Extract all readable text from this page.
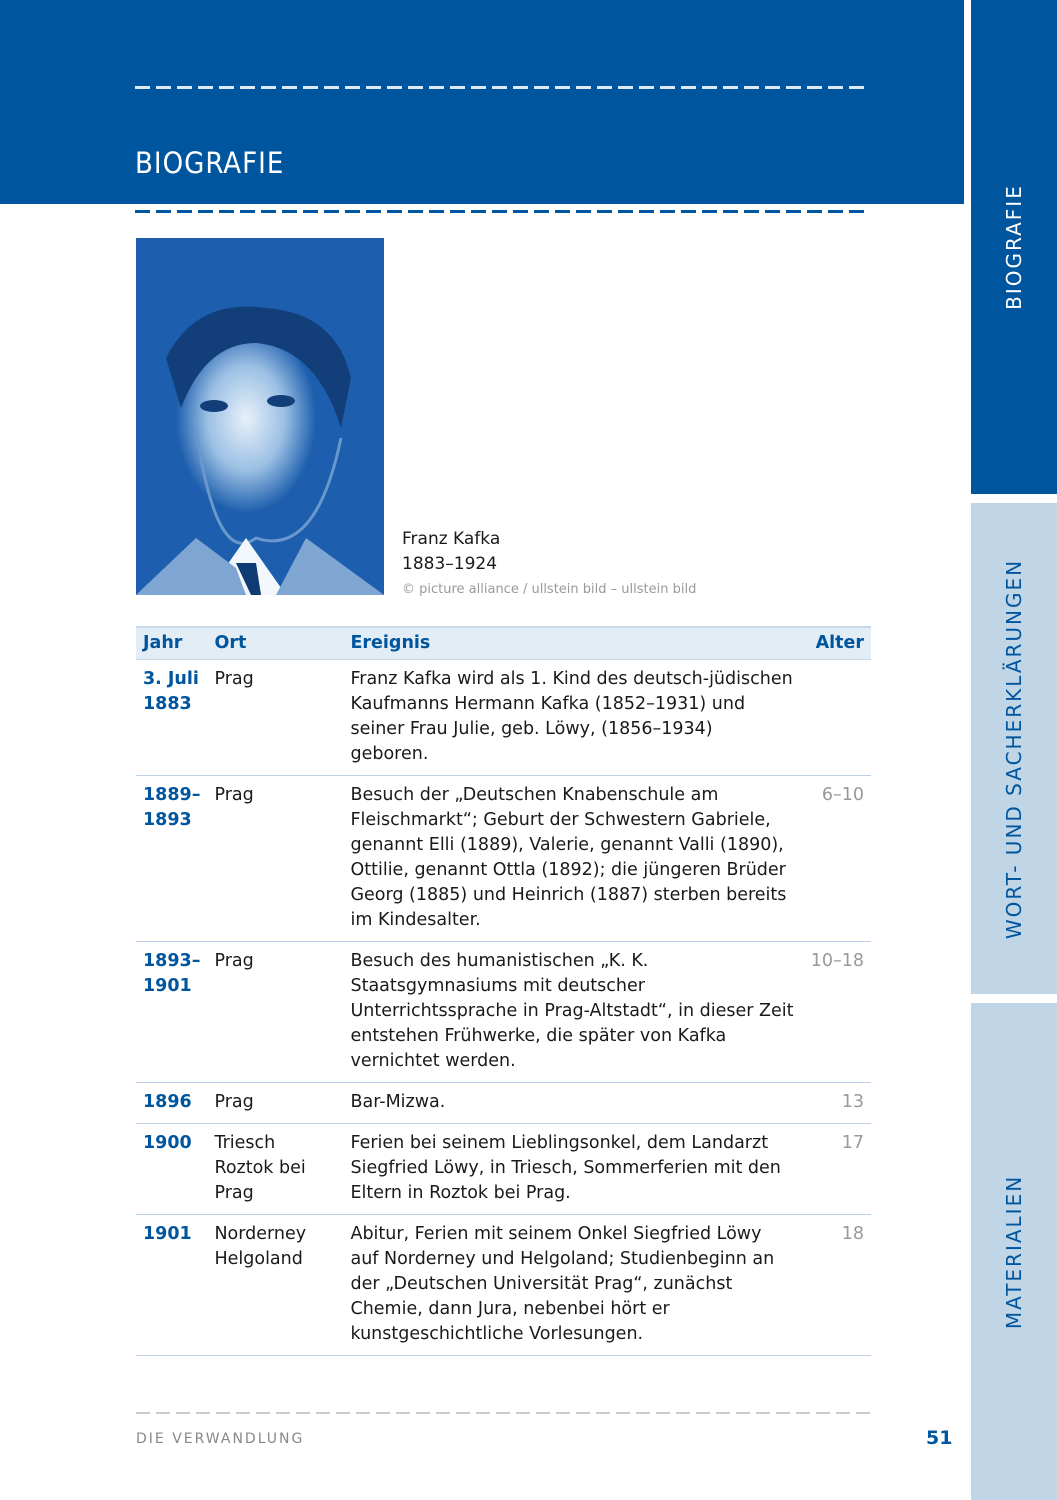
BIOGRAFIE
BIOGRAFIE
WORT- UND SACHERKLÄRUNGEN
MATERIALIEN
Franz Kafka
1883–1924
© picture alliance / ullstein bild – ullstein bild
Jahr	Ort	Ereignis	Alter
3. Juli 1883	Prag	Franz Kafka wird als 1. Kind des deutsch-jüdischen Kaufmanns Hermann Kafka (1852–1931) und seiner Frau Julie, geb. Löwy, (1856–1934) geboren.	
1889–1893	Prag	Besuch der „Deutschen Knabenschule am Fleischmarkt“; Geburt der Schwestern Gabriele, genannt Elli (1889), Valerie, genannt Valli (1890), Ottilie, genannt Ottla (1892); die jüngeren Brüder Georg (1885) und Heinrich (1887) sterben bereits im Kindesalter.	6–10
1893–1901	Prag	Besuch des humanistischen „K. K. Staatsgymnasiums mit deutscher Unterrichtssprache in Prag-Altstadt“, in dieser Zeit entstehen Frühwerke, die später von Kafka vernichtet werden.	10–18
1896	Prag	Bar-Mizwa.	13
1900	Triesch Roztok bei Prag	Ferien bei seinem Lieblingsonkel, dem Landarzt Siegfried Löwy, in Triesch, Sommerferien mit den Eltern in Roztok bei Prag.	17
1901	Norderney Helgoland	Abitur, Ferien mit seinem Onkel Siegfried Löwy auf Norderney und Helgoland; Studienbeginn an der „Deutschen Universität Prag“, zunächst Chemie, dann Jura, nebenbei hört er kunstgeschichtliche Vorlesungen.	18
DIE VERWANDLUNG	51
